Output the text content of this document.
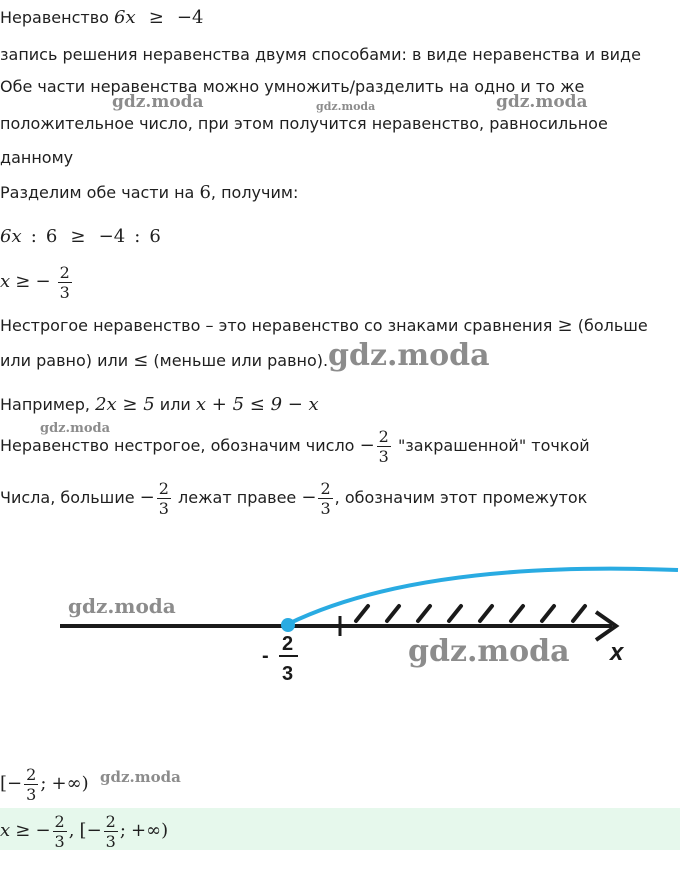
Неравенство 6x ≥ −4
запись решения неравенства двумя способами: в виде неравенства и виде
Обе части неравенства можно умножить/разделить на одно и то же
положительное число, при этом получится неравенство, равносильное
данному
Разделим обе части на 6, получим:
6x : 6 ≥ −4 : 6
x ≥ − $\frac{2}{3}$
Нестрогое неравенство – это неравенство со знаками сравнения ≥ (больше
или равно) или ≤ (меньше или равно).
Например, 2x ≥ 5 или x + 5 ≤ 9 − x
Неравенство нестрогое, обозначим число − $\frac{2}{3}$ "закрашенной" точкой
Числа, большие − $\frac{2}{3}$ лежат правее − $\frac{2}{3}$ , обозначим этот промежуток
-
2
3
x
[− $\frac{2}{3}$ ; +∞)
x ≥ − $\frac{2}{3}$ , [− $\frac{2}{3}$ ; +∞)
gdz.moda	gdz.moda	gdz.moda
gdz.moda
gdz.moda
gdz.moda
gdz.moda
gdz.moda
